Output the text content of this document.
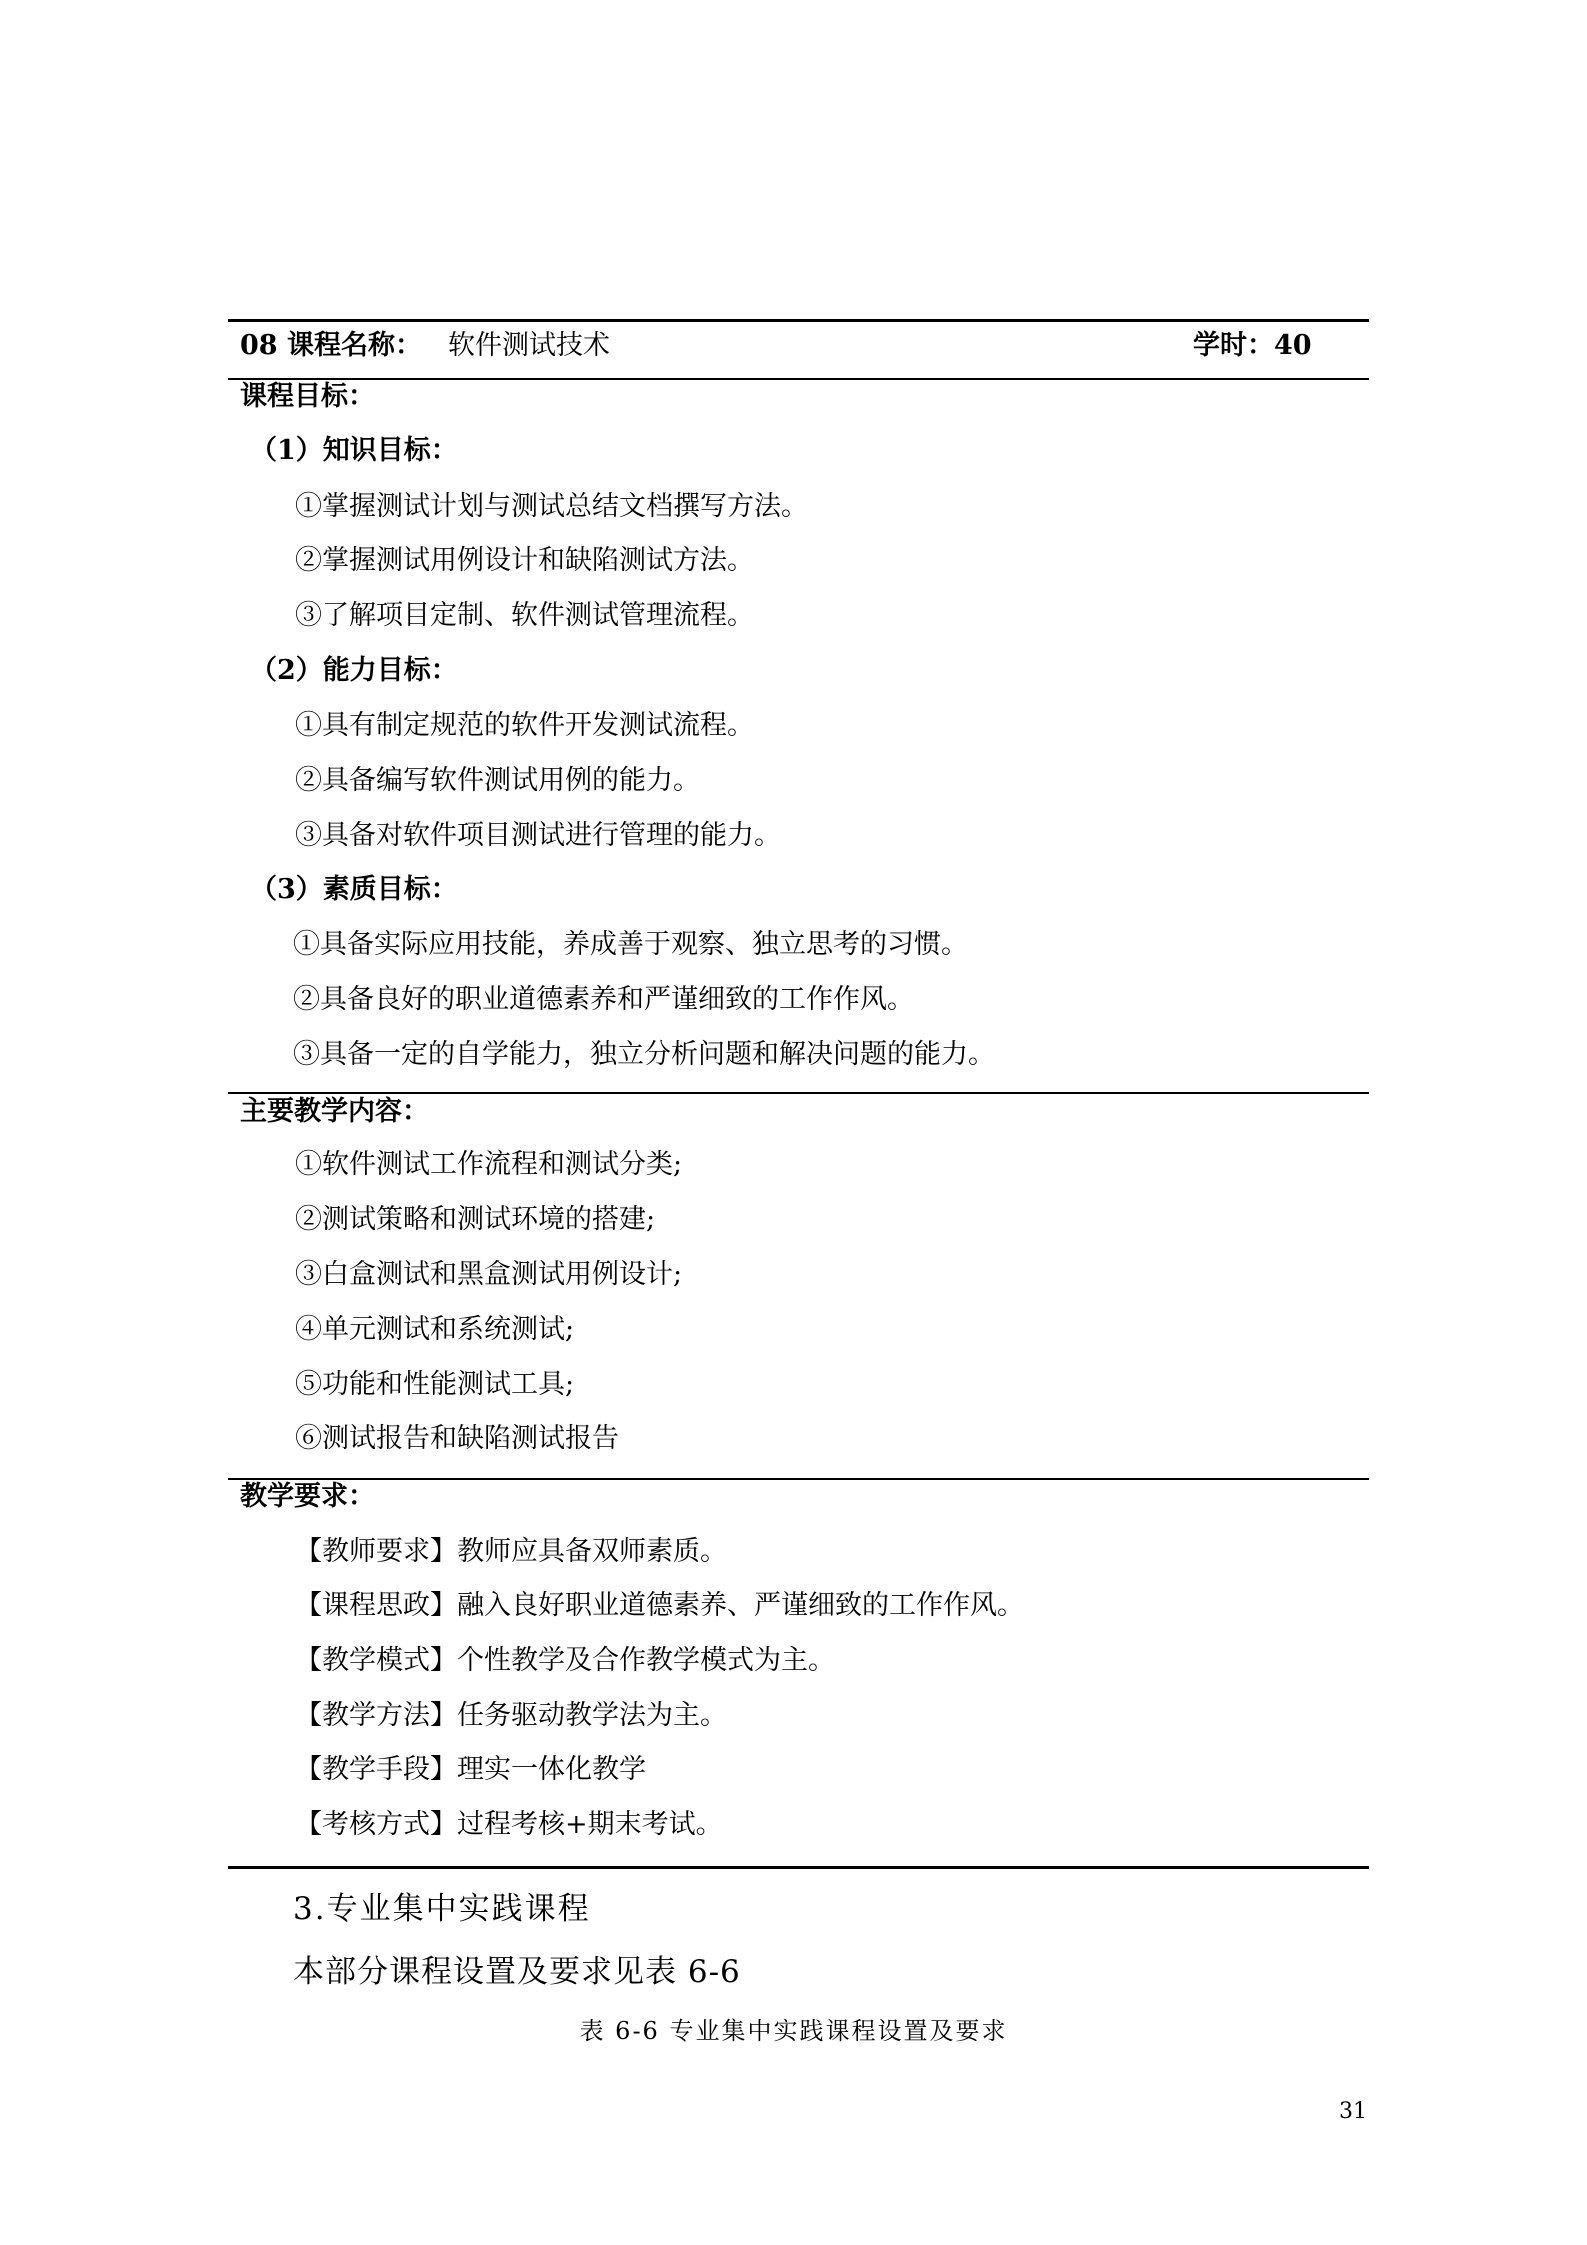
08 课程名称： 软件测试技术	学时：40
课程目标：
（1）知识目标：
①掌握测试计划与测试总结文档撰写方法。
②掌握测试用例设计和缺陷测试方法。
③了解项目定制、软件测试管理流程。
（2）能力目标：
①具有制定规范的软件开发测试流程。
②具备编写软件测试用例的能力。
③具备对软件项目测试进行管理的能力。
（3）素质目标：
①具备实际应用技能，养成善于观察、独立思考的习惯。
②具备良好的职业道德素养和严谨细致的工作作风。
③具备一定的自学能力，独立分析问题和解决问题的能力。
主要教学内容：
①软件测试工作流程和测试分类;
②测试策略和测试环境的搭建;
③白盒测试和黑盒测试用例设计;
④单元测试和系统测试;
⑤功能和性能测试工具;
⑥测试报告和缺陷测试报告
教学要求：
【教师要求】教师应具备双师素质。
【课程思政】融入良好职业道德素养、严谨细致的工作作风。
【教学模式】个性教学及合作教学模式为主。
【教学方法】任务驱动教学法为主。
【教学手段】理实一体化教学
【考核方式】过程考核+期末考试。
3.专业集中实践课程
本部分课程设置及要求见表 6-6
表 6-6 专业集中实践课程设置及要求
31
